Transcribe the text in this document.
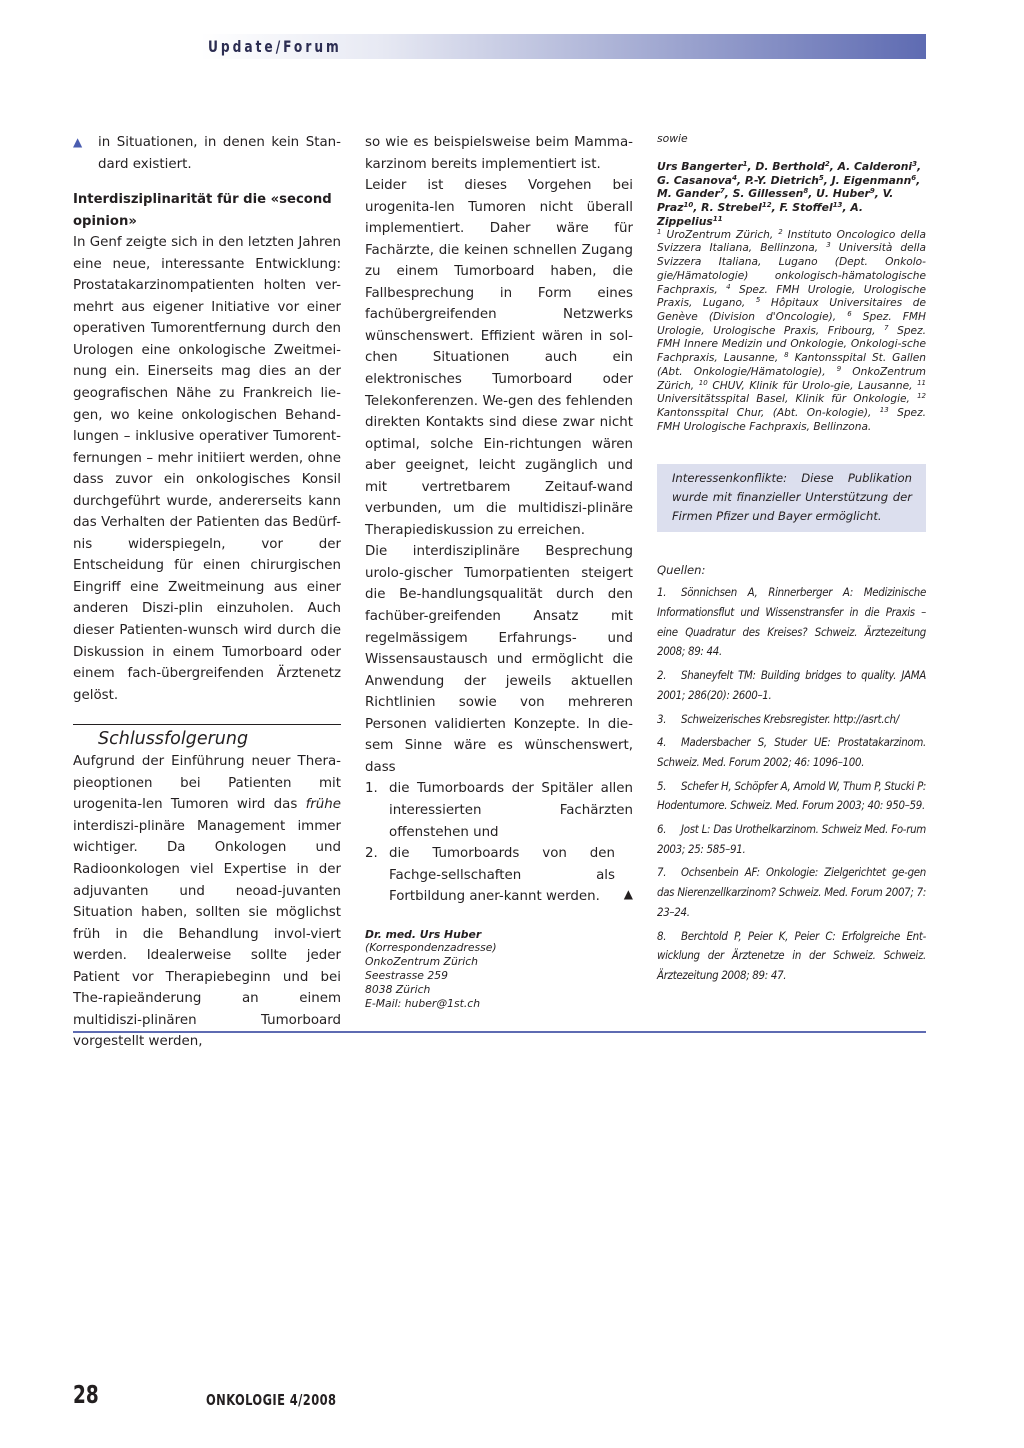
Update/Forum
▲	in Situationen, in denen kein Stan-dard existiert.
Interdisziplinarität für die «second opinion»
In Genf zeigte sich in den letzten Jahren eine neue, interessante Entwicklung: Prostatakarzinompatienten holten ver-mehrt aus eigener Initiative vor einer operativen Tumorentfernung durch den Urologen eine onkologische Zweitmei-nung ein. Einerseits mag dies an der geografischen Nähe zu Frankreich lie-gen, wo keine onkologischen Behand-lungen – inklusive operativer Tumorent-fernungen – mehr initiiert werden, ohne dass zuvor ein onkologisches Konsil durchgeführt wurde, andererseits kann das Verhalten der Patienten das Bedürf-nis widerspiegeln, vor der Entscheidung für einen chirurgischen Eingriff eine Zweitmeinung aus einer anderen Diszi-plin einzuholen. Auch dieser Patienten-wunsch wird durch die Diskussion in einem Tumorboard oder einem fach-übergreifenden Ärztenetz gelöst.
Schlussfolgerung
Aufgrund der Einführung neuer Thera-pieoptionen bei Patienten mit urogenita-len Tumoren wird das frühe interdiszi-plinäre Management immer wichtiger. Da Onkologen und Radioonkologen viel Expertise in der adjuvanten und neoad-juvanten Situation haben, sollten sie möglichst früh in die Behandlung invol-viert werden. Idealerweise sollte jeder Patient vor Therapiebeginn und bei The-rapieänderung an einem multidiszi-plinären Tumorboard vorgestellt werden,
so wie es beispielsweise beim Mamma-karzinom bereits implementiert ist.
Leider ist dieses Vorgehen bei urogenita-len Tumoren nicht überall implementiert. Daher wäre für Fachärzte, die keinen schnellen Zugang zu einem Tumorboard haben, die Fallbesprechung in Form eines fachübergreifenden Netzwerks wünschenswert. Effizient wären in sol-chen Situationen auch ein elektronisches Tumorboard oder Telekonferenzen. We-gen des fehlenden direkten Kontakts sind diese zwar nicht optimal, solche Ein-richtungen wären aber geeignet, leicht zugänglich und mit vertretbarem Zeitauf-wand verbunden, um die multidiszi-plinäre Therapiediskussion zu erreichen.
Die interdisziplinäre Besprechung urolo-gischer Tumorpatienten steigert die Be-handlungsqualität durch den fachüber-greifenden Ansatz mit regelmässigem Erfahrungs- und Wissensaustausch und ermöglicht die Anwendung der jeweils aktuellen Richtlinien sowie von mehreren Personen validierten Konzepte. In die-sem Sinne wäre es wünschenswert, dass
1. die Tumorboards der Spitäler allen interessierten Fachärzten offenstehen und
2. die Tumorboards von den Fachge-sellschaften als Fortbildung aner-kannt werden.	▲
Dr. med. Urs Huber
(Korrespondenzadresse)
OnkoZentrum Zürich
Seestrasse 259
8038 Zürich
E-Mail: huber@1st.ch
sowie
Urs Bangerter$^1$, D. Berthold$^2$, A. Calderoni$^3$, G. Casanova$^4$, P.-Y. Dietrich$^5$, J. Eigenmann$^6$, M. Gander$^7$, S. Gillessen$^8$, U. Huber$^9$, V. Praz$^{10}$, R. Strebel$^{12}$, F. Stoffel$^{13}$, A. Zippelius$^{11}$
$^1$ UroZentrum Zürich, $^2$ Instituto Oncologico della Svizzera Italiana, Bellinzona, $^3$ Università della Svizzera Italiana, Lugano (Dept. Onkolo-gie/Hämatologie) onkologisch-hämatologische Fachpraxis, $^4$ Spez. FMH Urologie, Urologische Praxis, Lugano, $^5$ Hôpitaux Universitaires de Genève (Division d'Oncologie), $^6$ Spez. FMH Urologie, Urologische Praxis, Fribourg, $^7$ Spez. FMH Innere Medizin und Onkologie, Onkologi-sche Fachpraxis, Lausanne, $^8$ Kantonsspital St. Gallen (Abt. Onkologie/Hämatologie), $^9$ OnkoZentrum Zürich, $^{10}$ CHUV, Klinik für Urolo-gie, Lausanne, $^{11}$ Universitätsspital Basel, Klinik für Onkologie, $^{12}$ Kantonsspital Chur, (Abt. On-kologie), $^{13}$ Spez. FMH Urologische Fachpraxis, Bellinzona.
Interessenkonflikte: Diese Publikation wurde mit finanzieller Unterstützung der Firmen Pfizer und Bayer ermöglicht.
Quellen:
1. Sönnichsen A, Rinnerberger A: Medizinische Informationsflut und Wissenstransfer in die Praxis – eine Quadratur des Kreises? Schweiz. Ärztezeitung 2008; 89: 44.
2. Shaneyfelt TM: Building bridges to quality. JAMA 2001; 286(20): 2600–1.
3. Schweizerisches Krebsregister. http://asrt.ch/
4. Madersbacher S, Studer UE: Prostatakarzinom. Schweiz. Med. Forum 2002; 46: 1096–100.
5. Schefer H, Schöpfer A, Arnold W, Thum P, Stucki P: Hodentumore. Schweiz. Med. Forum 2003; 40: 950–59.
6. Jost L: Das Urothelkarzinom. Schweiz Med. Fo-rum 2003; 25: 585–91.
7. Ochsenbein AF: Onkologie: Zielgerichtet ge-gen das Nierenzellkarzinom? Schweiz. Med. Forum 2007; 7: 23–24.
8. Berchtold P, Peier K, Peier C: Erfolgreiche Ent-wicklung der Ärztenetze in der Schweiz. Schweiz. Ärztezeitung 2008; 89: 47.
28	ONKOLOGIE 4/2008
